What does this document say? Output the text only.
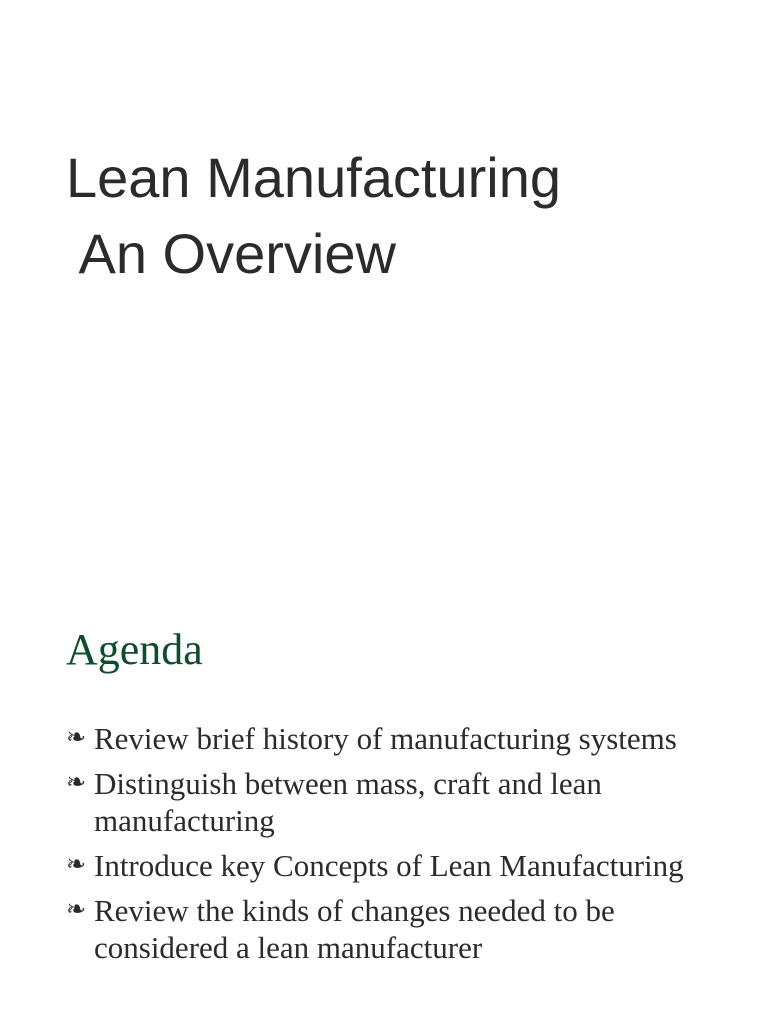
Lean Manufacturing
An Overview
Agenda
❧ Review brief history of manufacturing systems
❧ Distinguish between mass, craft and lean manufacturing
❧ Introduce key Concepts of Lean Manufacturing
❧ Review the kinds of changes needed to be considered a lean manufacturer
